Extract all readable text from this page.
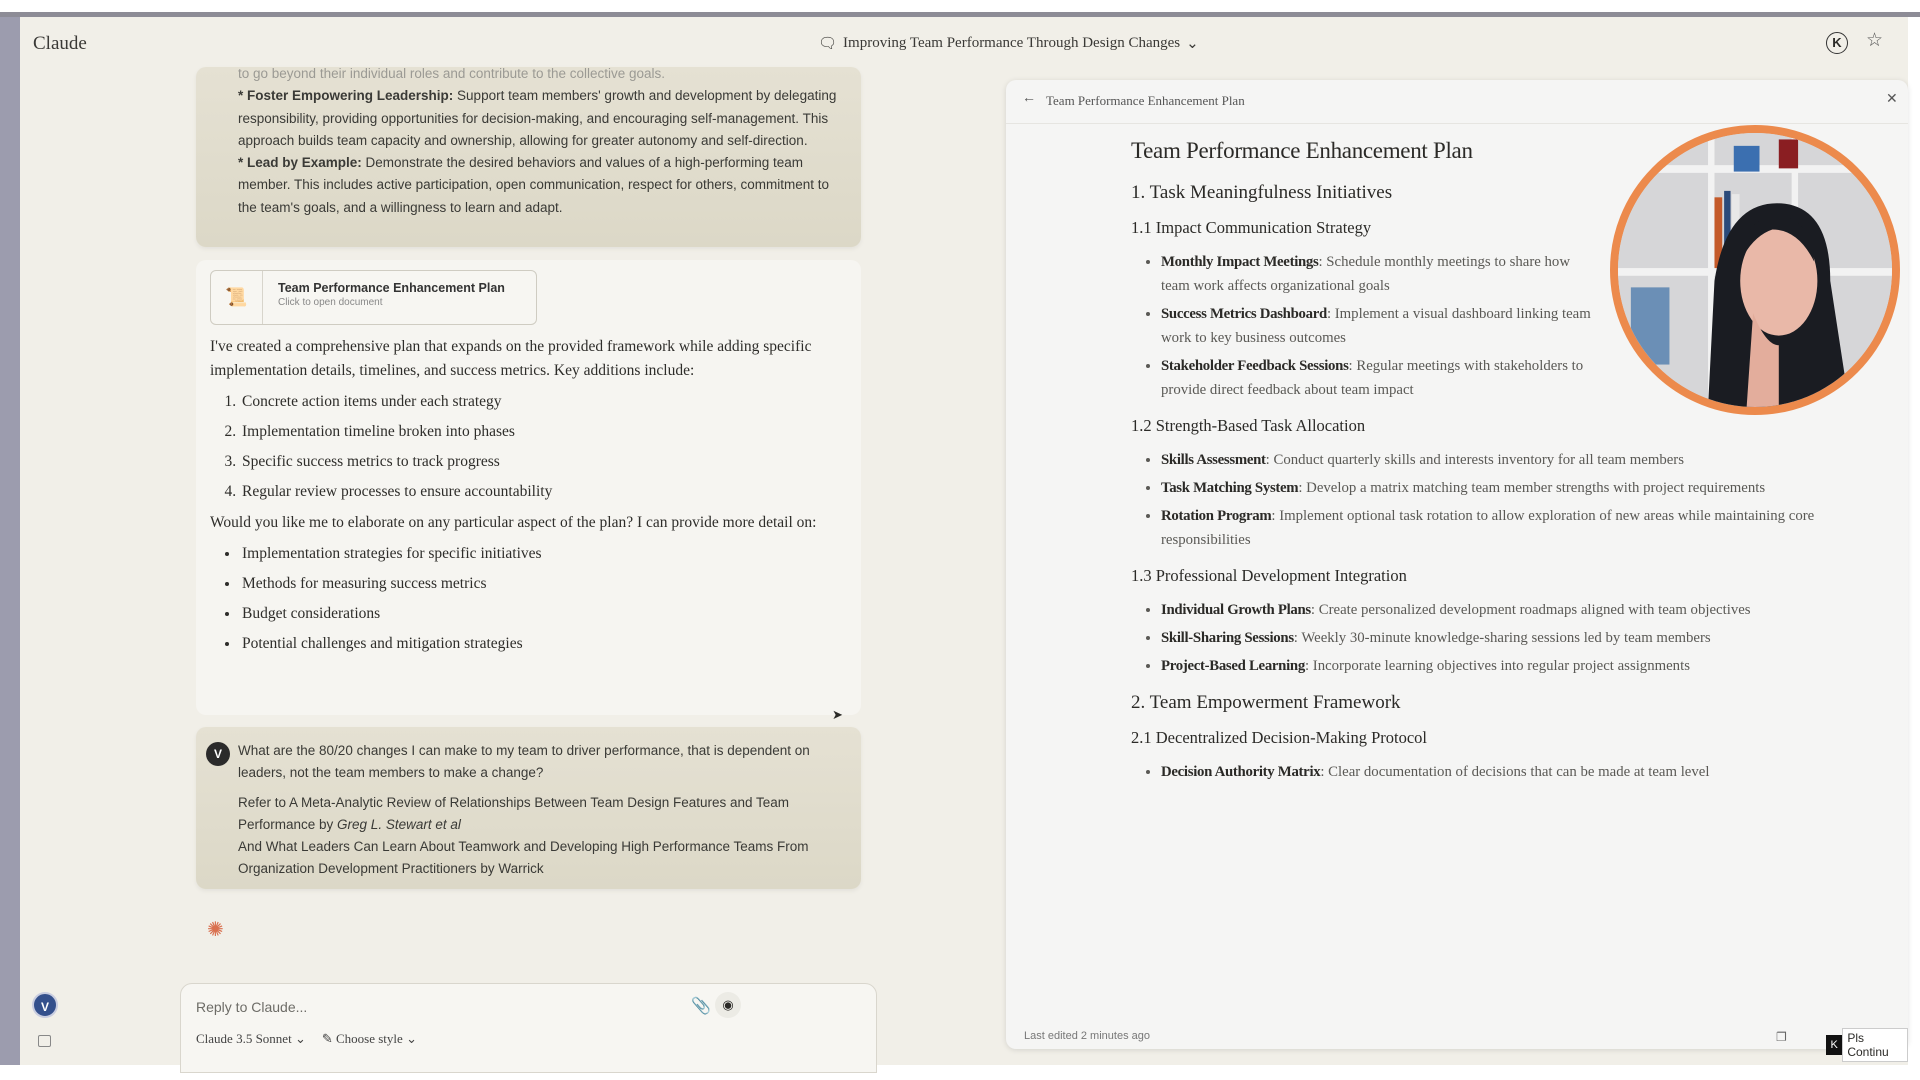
Claude	🗨 Improving Team Performance Through Design Changes ⌄	K	☆

to go beyond their individual roles and contribute to the collective goals.

* Foster Empowering Leadership: Support team members' growth and development by delegating responsibility, providing opportunities for decision-making, and encouraging self-management. This approach builds team capacity and ownership, allowing for greater autonomy and self-direction.

* Lead by Example: Demonstrate the desired behaviors and values of a high-performing team member. This includes active participation, open communication, respect for others, commitment to the team's goals, and a willingness to learn and adapt.

📜	Team Performance Enhancement Plan
Click to open document

I've created a comprehensive plan that expands on the provided framework while adding specific implementation details, timelines, and success metrics. Key additions include:

1. Concrete action items under each strategy
2. Implementation timeline broken into phases
3. Specific success metrics to track progress
4. Regular review processes to ensure accountability

Would you like me to elaborate on any particular aspect of the plan? I can provide more detail on:

• Implementation strategies for specific initiatives
• Methods for measuring success metrics
• Budget considerations
• Potential challenges and mitigation strategies
V	What are the 80/20 changes I can make to my team to driver performance, that is dependent on leaders, not the team members to make a change?

Refer to A Meta-Analytic Review of Relationships Between Team Design Features and Team Performance by Greg L. Stewart et al
And What Leaders Can Learn About Teamwork and Developing High Performance Teams From Organization Development Practitioners by Warrick

➤
✺
V	Reply to Claude...	📎 ◉
Claude 3.5 Sonnet ⌄ ✎ Choose style ⌄
← Team Performance Enhancement Plan	✕
Team Performance Enhancement Plan
1. Task Meaningfulness Initiatives
1.1 Impact Communication Strategy
• Monthly Impact Meetings: Schedule monthly meetings to share how team work affects organizational goals
• Success Metrics Dashboard: Implement a visual dashboard linking team work to key business outcomes
• Stakeholder Feedback Sessions: Regular meetings with stakeholders to provide direct feedback about team impact
1.2 Strength-Based Task Allocation
• Skills Assessment: Conduct quarterly skills and interests inventory for all team members
• Task Matching System: Develop a matrix matching team member strengths with project requirements
• Rotation Program: Implement optional task rotation to allow exploration of new areas while maintaining core responsibilities
1.3 Professional Development Integration
• Individual Growth Plans: Create personalized development roadmaps aligned with team objectives
• Skill-Sharing Sessions: Weekly 30-minute knowledge-sharing sessions led by team members
• Project-Based Learning: Incorporate learning objectives into regular project assignments
2. Team Empowerment Framework
2.1 Decentralized Decision-Making Protocol
• Decision Authority Matrix: Clear documentation of decisions that can be made at team level
Last edited 2 minutes ago	❐
K Pls Continu
